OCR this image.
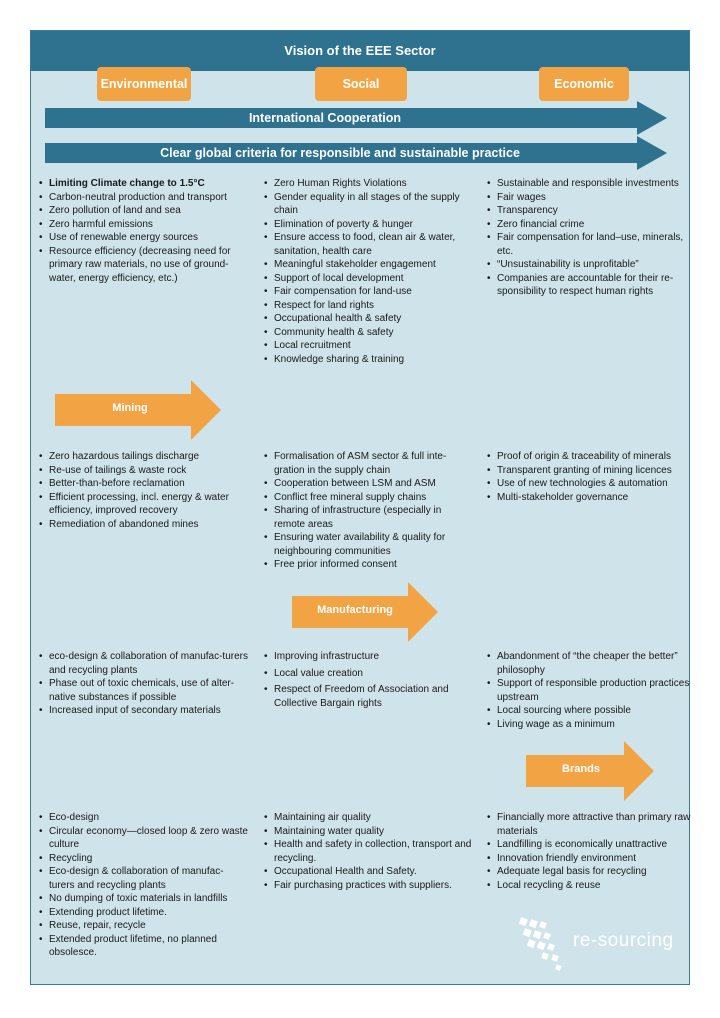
Vision of the EEE Sector
Environmental	Social	Economic
International Cooperation
Clear global criteria for responsible and sustainable practice
• Limiting Climate change to 1.5°C
• Carbon-neutral production and transport
• Zero pollution of land and sea
• Zero harmful emissions
• Use of renewable energy sources
• Resource efficiency (decreasing need for primary raw materials, no use of ground-water, energy efficiency, etc.)
• Zero Human Rights Violations
• Gender equality in all stages of the supply chain
• Elimination of poverty & hunger
• Ensure access to food, clean air & water, sanitation, health care
• Meaningful stakeholder engagement
• Support of local development
• Fair compensation for land-use
• Respect for land rights
• Occupational health & safety
• Community health & safety
• Local recruitment
• Knowledge sharing & training
• Sustainable and responsible investments
• Fair wages
• Transparency
• Zero financial crime
• Fair compensation for land–use, minerals, etc.
• “Unsustainability is unprofitable”
• Companies are accountable for their re-sponsibility to respect human rights
Mining
• Zero hazardous tailings discharge
• Re-use of tailings & waste rock
• Better-than-before reclamation
• Efficient processing, incl. energy & water efficiency, improved recovery
• Remediation of abandoned mines
• Formalisation of ASM sector & full inte-gration in the supply chain
• Cooperation between LSM and ASM
• Conflict free mineral supply chains
• Sharing of infrastructure (especially in remote areas
• Ensuring water availability & quality for neighbouring communities
• Free prior informed consent
• Proof of origin & traceability of minerals
• Transparent granting of mining licences
• Use of new technologies & automation
• Multi-stakeholder governance
Manufacturing
• eco-design & collaboration of manufac-turers and recycling plants
• Phase out of toxic chemicals, use of alter-native substances if possible
• Increased input of secondary materials
• Improving infrastructure
• Local value creation
• Respect of Freedom of Association and Collective Bargain rights
• Abandonment of “the cheaper the better” philosophy
• Support of responsible production practices upstream
• Local sourcing where possible
• Living wage as a minimum
Brands
• Eco-design
• Circular economy—closed loop & zero waste culture
• Recycling
• Eco-design & collaboration of manufac-turers and recycling plants
• No dumping of toxic materials in landfills
• Extending product lifetime.
• Reuse, repair, recycle
• Extended product lifetime, no planned obsolesce.
• Maintaining air quality
• Maintaining water quality
• Health and safety in collection, transport and recycling.
• Occupational Health and Safety.
• Fair purchasing practices with suppliers.
• Financially more attractive than primary raw materials
• Landfilling is economically unattractive
• Innovation friendly environment
• Adequate legal basis for recycling
• Local recycling & reuse
re-sourcing
